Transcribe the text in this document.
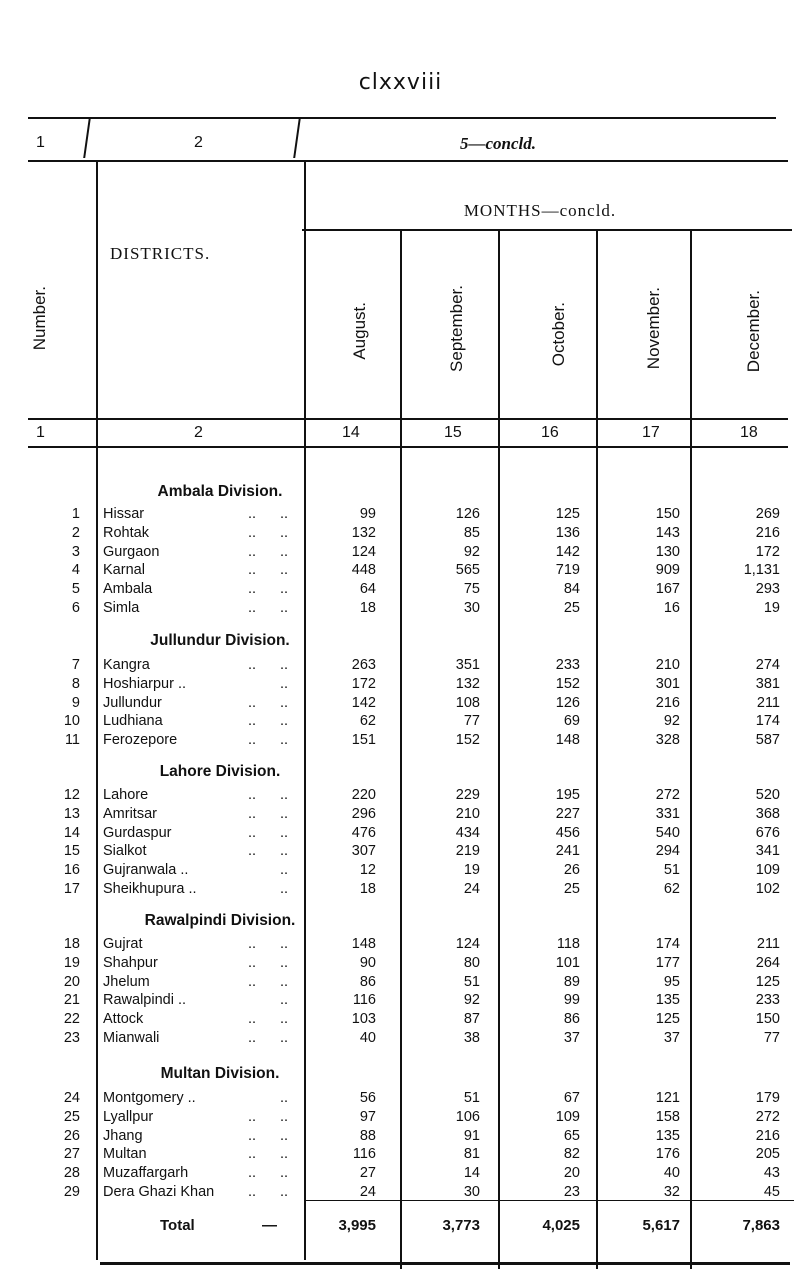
clxxviii
1	2	5—concld.
MONTHS—concld.
DISTRICTS.
Number.	August.	September.	October.	November.	December.
1	2	14	15	16	17	18
Ambala Division.
1 Hissar	.. ..	99	126	125	150	269
2 Rohtak	.. ..	132	85	136	143	216
3 Gurgaon	.. ..	124	92	142	130	172
4 Karnal	.. ..	448	565	719	909	1,131
5 Ambala	.. ..	64	75	84	167	293
6 Simla	.. ..	18	30	25	16	19
Jullundur Division.
7 Kangra	.. ..	263	351	233	210	274
8 Hoshiarpur ..	..	172	132	152	301	381
9 Jullundur	.. ..	142	108	126	216	211
10 Ludhiana	.. ..	62	77	69	92	174
11 Ferozepore	.. ..	151	152	148	328	587
Lahore Division.
12 Lahore	.. ..	220	229	195	272	520
13 Amritsar	.. ..	296	210	227	331	368
14 Gurdaspur	.. ..	476	434	456	540	676
15 Sialkot	.. ..	307	219	241	294	341
16 Gujranwala ..	..	12	19	26	51	109
17 Sheikhupura ..	..	18	24	25	62	102
Rawalpindi Division.
18 Gujrat	.. ..	148	124	118	174	211
19 Shahpur	.. ..	90	80	101	177	264
20 Jhelum	.. ..	86	51	89	95	125
21 Rawalpindi ..	..	116	92	99	135	233
22 Attock	.. ..	103	87	86	125	150
23 Mianwali	.. ..	40	38	37	37	77
Multan Division.
24 Montgomery ..	..	56	51	67	121	179
25 Lyallpur	.. ..	97	106	109	158	272
26 Jhang	.. ..	88	91	65	135	216
27 Multan	.. ..	116	81	82	176	205
28 Muzaffargarh	.. ..	27	14	20	40	43
29 Dera Ghazi Khan .. ..	24	30	23	32	45
Total	—	3,995	3,773	4,025	5,617	7,863
